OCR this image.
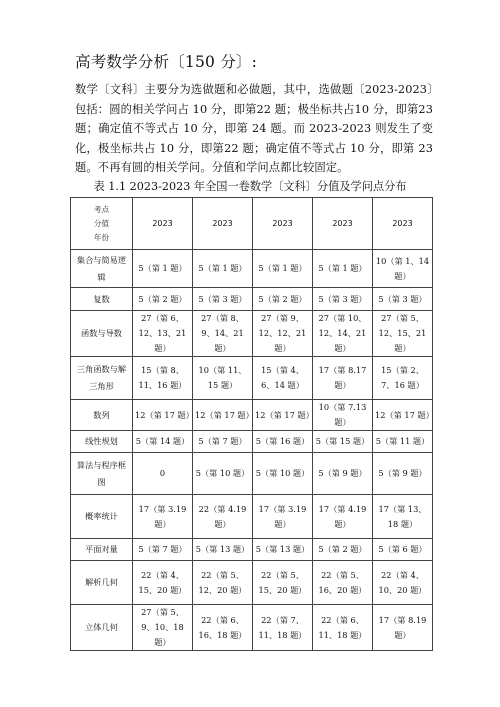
高考数学分析〔150 分〕:
数学〔文科〕主要分为选做题和必做题，其中，选做题〔2023-2023〕包括：圆的相关学问占 10 分，即第22 题；极坐标共占10 分，即第23 题；确定值不等式占 10 分，即第 24 题。而 2023-2023 则发生了变化，极坐标共占 10 分，即第22 题；确定值不等式占 10 分，即第 23 题。不再有圆的相关学问。分值和学问点都比较固定。
表 1.1 2023-2023 年全国一卷数学〔文科〕分值及学问点分布
考点
分值
年份	2023	2023	2023	2023	2023
集合与简易逻辑	5（第 1 题）	5（第 1 题）	5（第 1 题）	5（第 1 题）	10（第 1、14 题）
复数	5（第 2 题）	5（第 3 题）	5（第 2 题）	5（第 3 题）	5（第 3 题）
函数与导数	27（第 6、12、13、21 题）	27（第 8、9、14、21 题）	27（第 9、12、12、21 题）	27（第 10、12、14、21 题）	27（第 5、12、15、21 题）
三角函数与解三角形	15（第 8、11、16 题）	10（第 11、15 题）	15（第 4、6、14 题）	17（第 8.17 题）	15（第 2、7、16 题）
数列	12（第 17 题）	12（第 17 题）	12（第 17 题）	10（第 7.13 题）	12（第 17 题）
线性规划	5（第 14 题）	5（第 7 题）	5（第 16 题）	5（第 15 题）	5（第 11 题）
算法与程序框图	0	5（第 10 题）	5（第 10 题）	5（第 9 题）	5（第 9 题）
概率统计	17（第 3.19 题）	22（第 4.19 题）	17（第 3.19 题）	17（第 4.19 题）	17（第 13、18 题）
平面对量	5（第 7 题）	5（第 13 题）	5（第 13 题）	5（第 2 题）	5（第 6 题）
解析几何	22（第 4、15、20 题）	22（第 5、12、20 题）	22（第 5、15、20 题）	22（第 5、16、20 题）	22（第 4、10、20 题）
立体几何	27（第 5、9、10、18 题）	22（第 6、16、18 题）	22（第 7、11、18 题）	22（第 6、11、18 题）	17（第 8.19 题）
